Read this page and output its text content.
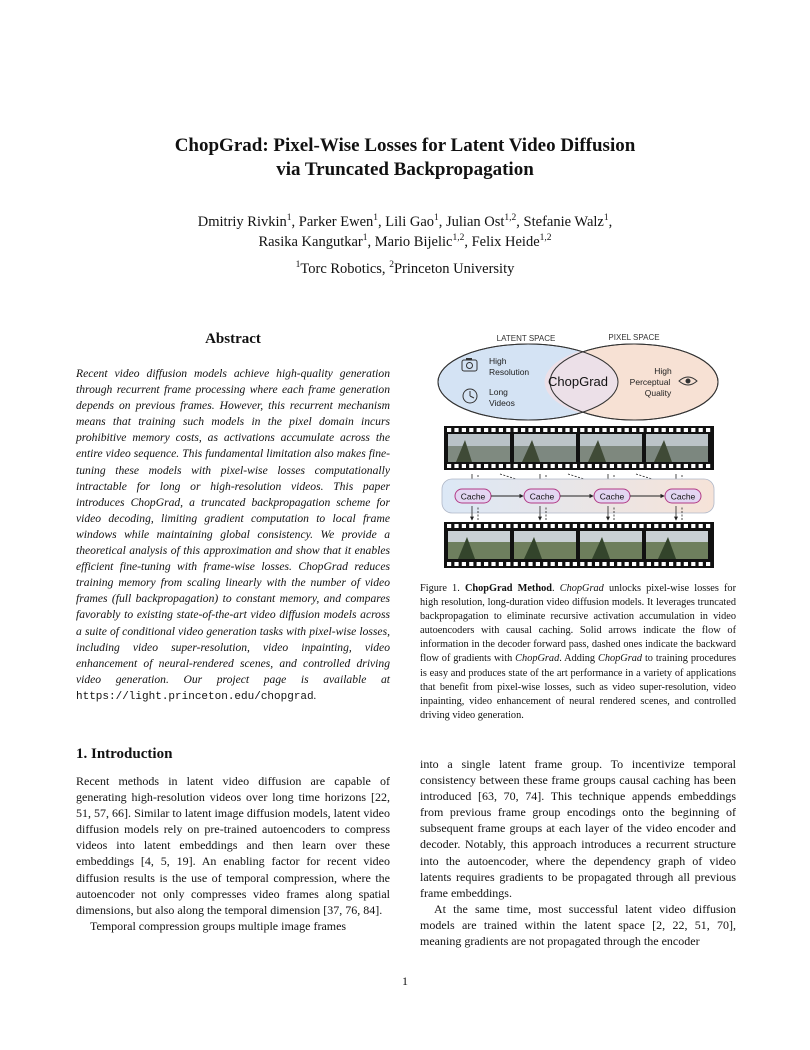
ChopGrad: Pixel-Wise Losses for Latent Video Diffusion
via Truncated Backpropagation
Dmitriy Rivkin$^1$, Parker Ewen$^1$, Lili Gao$^1$, Julian Ost$^{1,2}$, Stefanie Walz$^1$,
Rasika Kangutkar$^1$, Mario Bijelic$^{1,2}$, Felix Heide$^{1,2}$
$^1$Torc Robotics, $^2$Princeton University
Abstract
Recent video diffusion models achieve high-quality generation through recurrent frame processing where each frame generation depends on previous frames. However, this recurrent mechanism means that training such models in the pixel domain incurs prohibitive memory costs, as activations accumulate across the entire video sequence. This fundamental limitation also makes fine-tuning these models with pixel-wise losses computationally intractable for long or high-resolution videos. This paper introduces ChopGrad, a truncated backpropagation scheme for video decoding, limiting gradient computation to local frame windows while maintaining global consistency. We provide a theoretical analysis of this approximation and show that it enables efficient fine-tuning with frame-wise losses. ChopGrad reduces training memory from scaling linearly with the number of video frames (full backpropagation) to constant memory, and compares favorably to existing state-of-the-art video diffusion models across a suite of conditional video generation tasks with pixel-wise losses, including video super-resolution, video inpainting, video enhancement of neural-rendered scenes, and controlled driving video generation. Our project page is available at https://light.princeton.edu/chopgrad.
1. Introduction

Recent methods in latent video diffusion are capable of generating high-resolution videos over long time horizons [22, 51, 57, 66]. Similar to latent image diffusion models, latent video diffusion models rely on pre-trained autoencoders to compress videos into latent embeddings and then learn over these embeddings [4, 5, 19]. An enabling factor for recent video diffusion results is the use of temporal compression, where the autoencoder not only compresses video frames along spatial dimensions, but also along the temporal dimension [37, 76, 84].

Temporal compression groups multiple image frames

into a single latent frame group. To incentivize temporal consistency between these frame groups causal caching has been introduced [63, 70, 74]. This technique appends embeddings from previous frame group encodings onto the beginning of subsequent frame groups at each layer of the video encoder and decoder. Notably, this approach introduces a recurrent structure into the autoencoder, where the dependency graph of video latents requires gradients to be propagated through all previous frame embeddings.

At the same time, most successful latent video diffusion models are trained within the latent space [2, 22, 51, 70], meaning gradients are not propagated through the encoder

LATENT SPACE	PIXEL SPACE
High
Resolution
Long
Videos
ChopGrad
High
Perceptual
Quality
Cache	Cache	Cache	Cache
Figure 1. ChopGrad Method. ChopGrad unlocks pixel-wise losses for high resolution, long-duration video diffusion models. It leverages truncated backpropagation to eliminate recursive activation accumulation in video autoencoders with causal caching. Solid arrows indicate the flow of information in the decoder forward pass, dashed ones indicate the backward flow of gradients with ChopGrad. Adding ChopGrad to training procedures is easy and produces state of the art performance in a variety of applications that benefit from pixel-wise losses, such as video super-resolution, video inpainting, video enhancement of neural rendered scenes, and controlled driving video generation.
1
